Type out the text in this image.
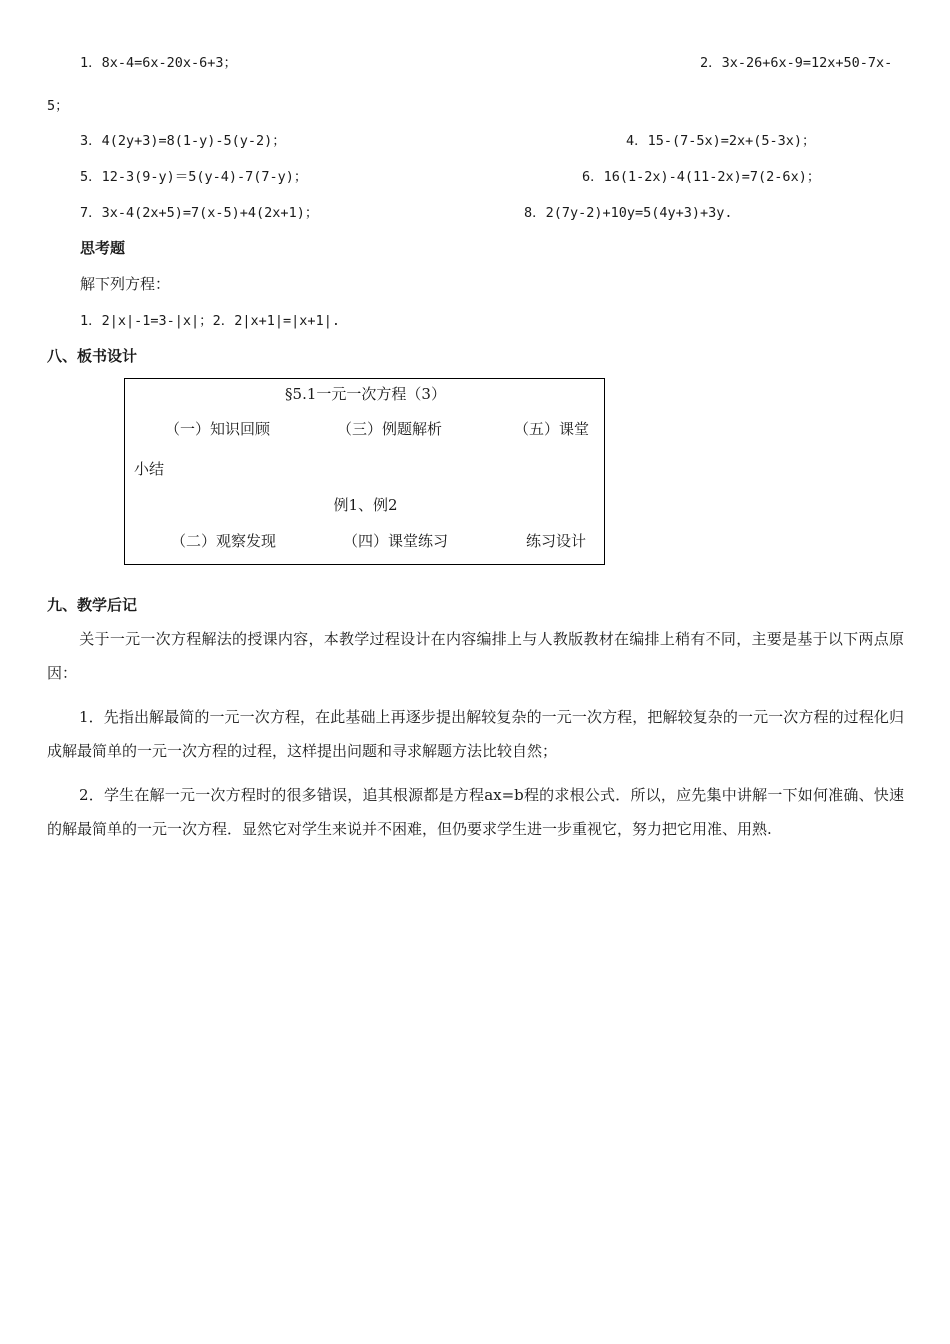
1．8x-4=6x-20x-6+3；	2．3x-26+6x-9=12x+50-7x-
5；
3．4(2y+3)=8(1-y)-5(y-2)；	4．15-(7-5x)=2x+(5-3x)；
5．12-3(9-y)＝5(y-4)-7(7-y)；	6．16(1-2x)-4(11-2x)=7(2-6x)；
7．3x-4(2x+5)=7(x-5)+4(2x+1)；	8．2(7y-2)+10y=5(4y+3)+3y.
思考题
解下列方程：
1．2|x|-1=3-|x|；2．2|x+1|=|x+1|.
八、板书设计
§5.1一元一次方程（3）
（一）知识回顾	（三）例题解析	（五）课堂
小结
例1、例2
（二）观察发现	（四）课堂练习	练习设计
九、教学后记
关于一元一次方程解法的授课内容，本教学过程设计在内容编排上与人教版教材在编排上稍有不同，主要是基于以下两点原因：
1．先指出解最简的一元一次方程，在此基础上再逐步提出解较复杂的一元一次方程，把解较复杂的一元一次方程的过程化归成解最简单的一元一次方程的过程，这样提出问题和寻求解题方法比较自然；
2．学生在解一元一次方程时的很多错误，追其根源都是方程ax=b程的求根公式．所以，应先集中讲解一下如何准确、快速的解最简单的一元一次方程．显然它对学生来说并不困难，但仍要求学生进一步重视它，努力把它用准、用熟.
